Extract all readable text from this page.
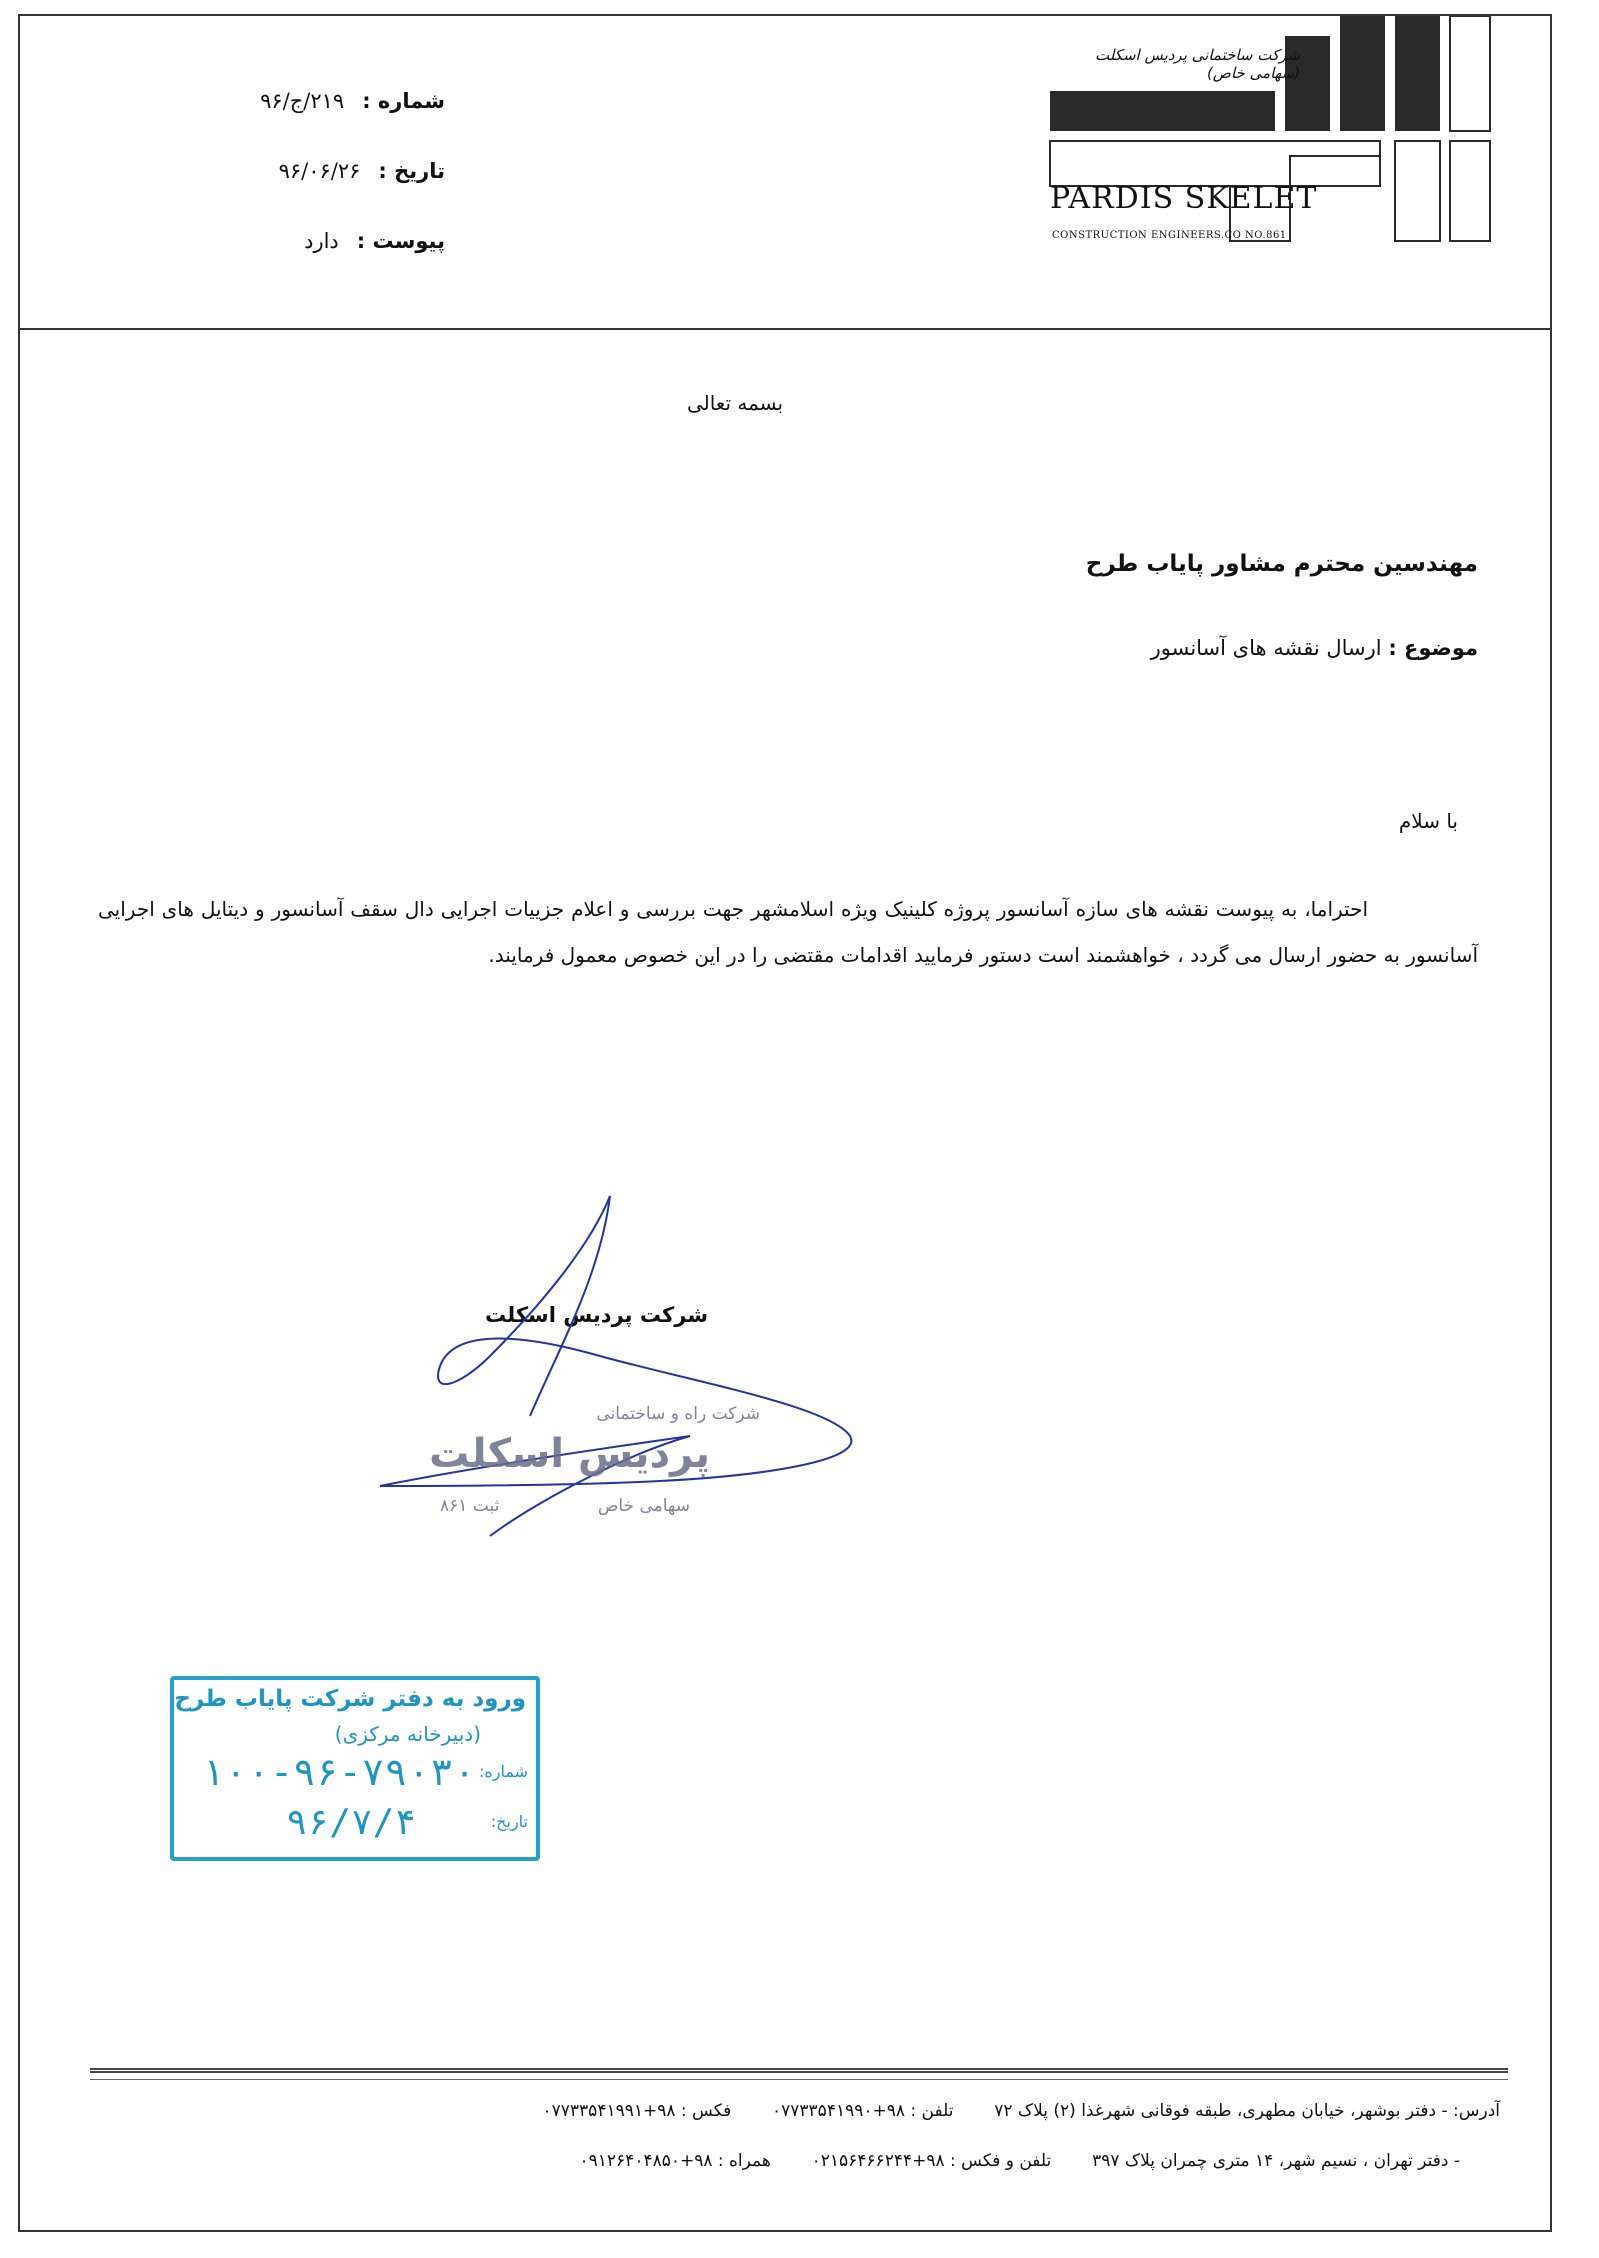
شماره :
۲۱۹/ج/۹۶
تاریخ :
۹۶/۰۶/۲۶
پیوست :
دارد
شرکت ساختمانی پردیس اسکلت (سهامی خاص)
PARDIS SKELET
CONSTRUCTION ENGINEERS.CO NO.861
بسمه تعالی
مهندسین محترم مشاور پایاب طرح
موضوع : ارسال نقشه های آسانسور
با سلام
احتراما، به پیوست نقشه های سازه آسانسور پروژه کلینیک ویژه اسلامشهر جهت بررسی و اعلام جزییات اجرایی دال سقف آسانسور و دیتایل های اجرایی آسانسور به حضور ارسال می گردد ، خواهشمند است دستور فرمایید اقدامات مقتضی را در این خصوص معمول فرمایند.
شرکت پردیس اسکلت
شرکت راه و ساختمانی
پردیس اسکلت
سهامی خاص
ثبت ۸۶۱
ورود به دفتر شرکت پایاب طرح
(دبیرخانه مرکزی)
شماره:
۱۰۰-۹۶-۷۹۰۳۰
تاریخ:
۹۶/۷/۴
آدرس: - دفتر بوشهر، خیابان مطهری، طبقه فوقانی شهرغذا (۲) پلاک ۷۲  تلفن : ۰۷۷۳۳۵۴۱۹۹۰+۹۸  فکس : ۰۷۷۳۳۵۴۱۹۹۱+۹۸
- دفتر تهران ، نسیم شهر، ۱۴ متری چمران پلاک ۳۹۷  تلفن و فکس : ۰۲۱۵۶۴۶۶۲۴۴+۹۸  همراه : ۰۹۱۲۶۴۰۴۸۵۰+۹۸
